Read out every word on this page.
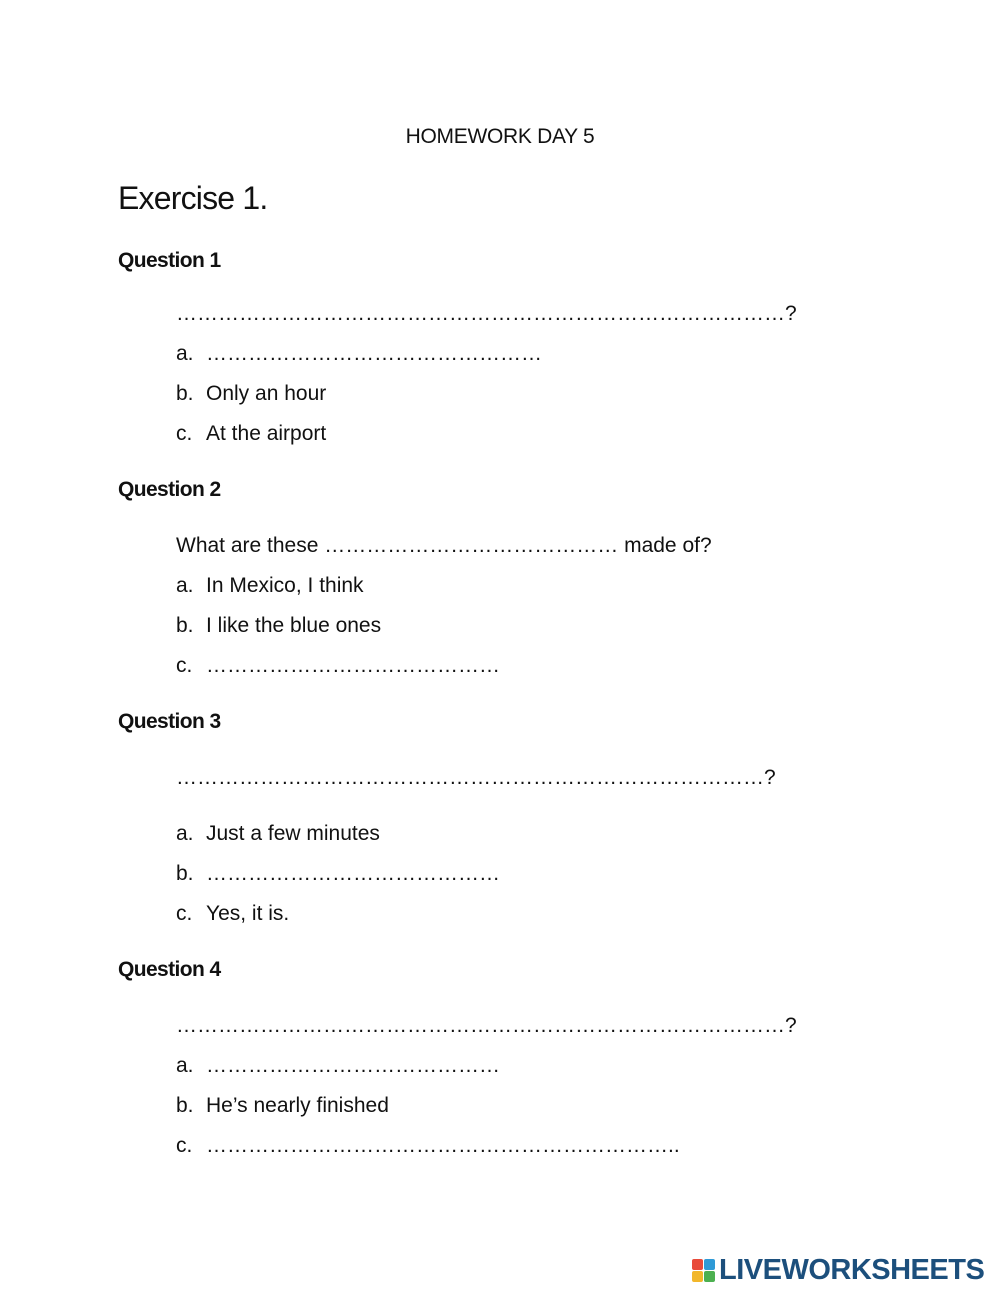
HOMEWORK DAY 5
Exercise 1.
Question 1
……………………………………………………………………………?
a. …………………………………………
b. Only an hour
c. At the airport
Question 2
What are these …………………………………… made of?
a. In Mexico, I think
b. I like the blue ones
c. ……………………………………
Question 3
…………………………………………………………………………?
a. Just a few minutes
b. ……………………………………
c. Yes, it is.
Question 4
……………………………………………………………………………?
a. ……………………………………
b. He’s nearly finished
c. …………………………………………………………..
LIVEWORKSHEETS
